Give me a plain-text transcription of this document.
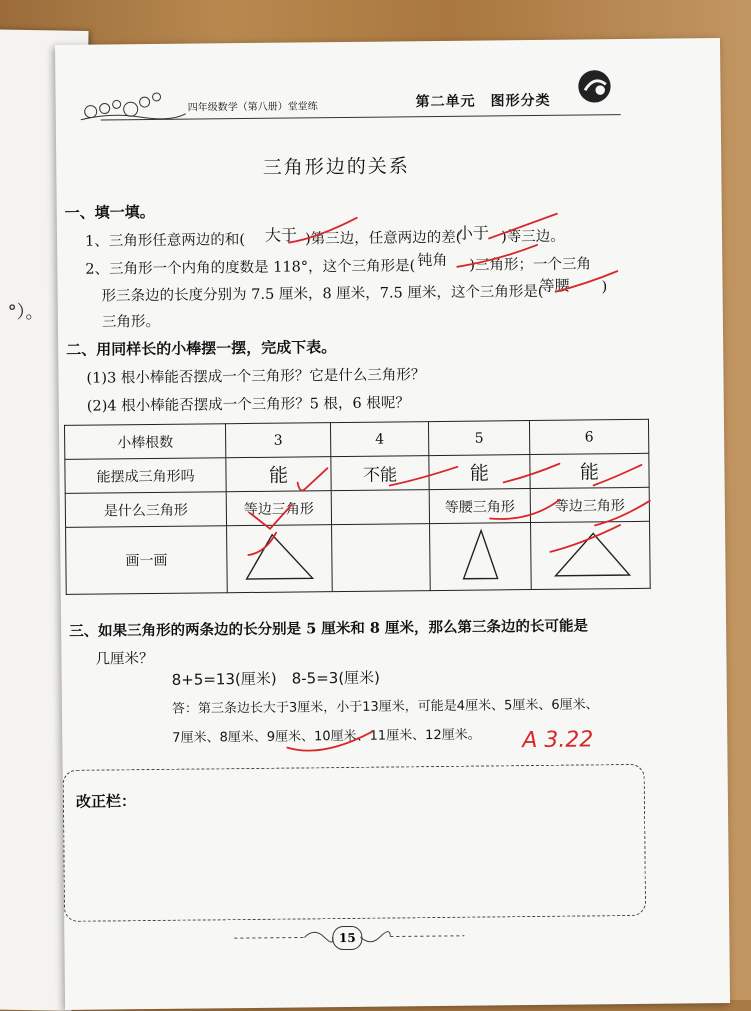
°）。
四年级数学（第八册）堂堂练	第二单元　图形分类
三角形边的关系
一、填一填。
1、三角形任意两边的和( 大于 )第三边，任意两边的差(
小于 )等三边。
2、三角形一个内角的度数是 118°，这个三角形是( 钝角 )三角形；一个三角
形三条边的长度分别为 7.5 厘米，8 厘米，7.5 厘米，这个三角形是(
等腰 )
三角形。
二、用同样长的小棒摆一摆，完成下表。
(1)3 根小棒能否摆成一个三角形？它是什么三角形？
(2)4 根小棒能否摆成一个三角形？5 根，6 根呢？
小棒根数	3	4	5	6
能摆成三角形吗	能	不能	能	能
是什么三角形	等边三角形		等腰三角形	等边三角形
画一画				
三、如果三角形的两条边的长分别是 5 厘米和 8 厘米，那么第三条边的长可能是
几厘米？
8+5=13(厘米)　8-5=3(厘米)
答：第三条边长大于3厘米，小于13厘米，可能是4厘米、5厘米、6厘米、
7厘米、8厘米、9厘米、10厘米、11厘米、12厘米。 A 3.22
改正栏：
15
